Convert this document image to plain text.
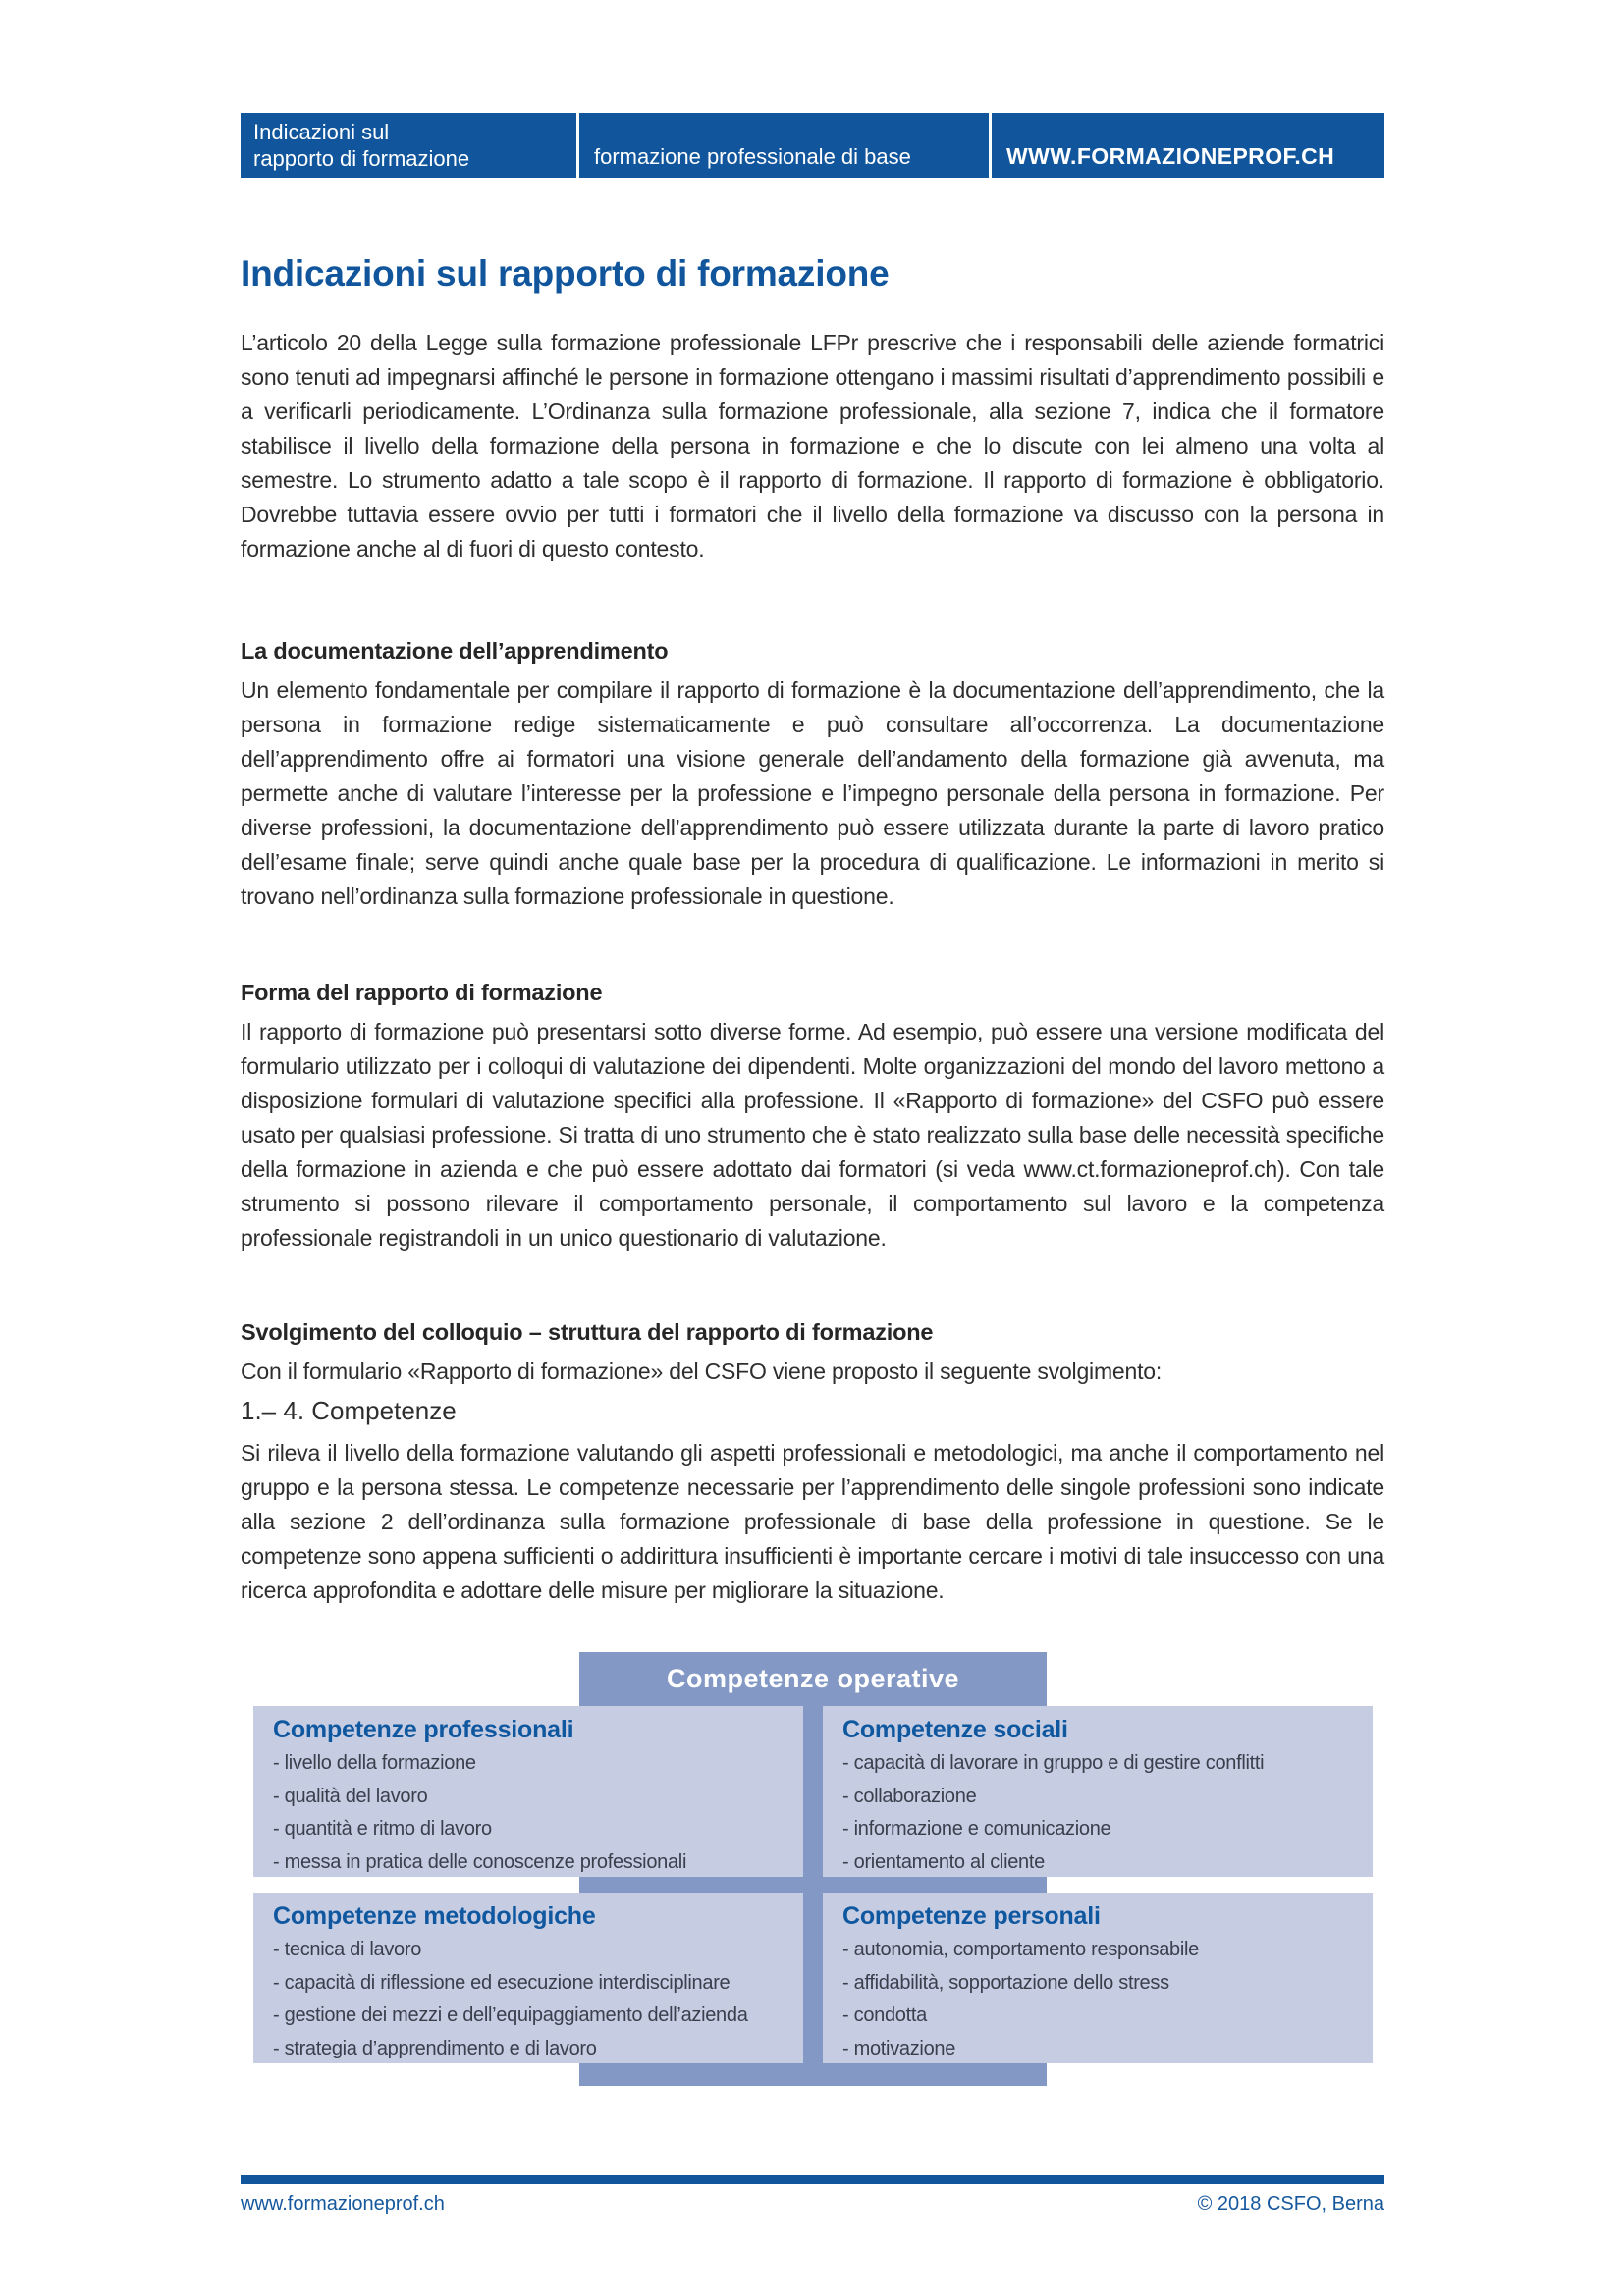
Indicazioni sul
rapporto di formazione	formazione professionale di base	WWW.FORMAZIONEPROF.CH
Indicazioni sul rapporto di formazione

L’articolo 20 della Legge sulla formazione professionale LFPr prescrive che i responsabili delle aziende formatrici sono tenuti ad impegnarsi affinché le persone in formazione ottengano i massimi risultati d’apprendimento possibili e a verificarli periodicamente. L’Ordinanza sulla formazione professionale, alla sezione 7, indica che il formatore stabilisce il livello della formazione della persona in formazione e che lo discute con lei almeno una volta al semestre. Lo strumento adatto a tale scopo è il rapporto di formazione. Il rapporto di formazione è obbligatorio. Dovrebbe tuttavia essere ovvio per tutti i formatori che il livello della formazione va discusso con la persona in formazione anche al di fuori di questo contesto.

La documentazione dell’apprendimento

Un elemento fondamentale per compilare il rapporto di formazione è la documentazione dell’apprendimento, che la persona in formazione redige sistematicamente e può consultare all’occorrenza. La documentazione dell’apprendimento offre ai formatori una visione generale dell’andamento della formazione già avvenuta, ma permette anche di valutare l’interesse per la professione e l’impegno personale della persona in formazione. Per diverse professioni, la documentazione dell’apprendimento può essere utilizzata durante la parte di lavoro pratico dell’esame finale; serve quindi anche quale base per la procedura di qualificazione. Le informazioni in merito si trovano nell’ordinanza sulla formazione professionale in questione.

Forma del rapporto di formazione

Il rapporto di formazione può presentarsi sotto diverse forme. Ad esempio, può essere una versione modificata del formulario utilizzato per i colloqui di valutazione dei dipendenti. Molte organizzazioni del mondo del lavoro mettono a disposizione formulari di valutazione specifici alla professione. Il «Rapporto di formazione» del CSFO può essere usato per qualsiasi professione. Si tratta di uno strumento che è stato realizzato sulla base delle necessità specifiche della formazione in azienda e che può essere adottato dai formatori (si veda www.ct.formazioneprof.ch). Con tale strumento si possono rilevare il comportamento personale, il comportamento sul lavoro e la competenza professionale registrandoli in un unico questionario di valutazione.

Svolgimento del colloquio – struttura del rapporto di formazione

Con il formulario «Rapporto di formazione» del CSFO viene proposto il seguente svolgimento:

1.– 4. Competenze

Si rileva il livello della formazione valutando gli aspetti professionali e metodologici, ma anche il comportamento nel gruppo e la persona stessa. Le competenze necessarie per l’apprendimento delle singole professioni sono indicate alla sezione 2 dell’ordinanza sulla formazione professionale di base della professione in questione. Se le competenze sono appena sufficienti o addirittura insufficienti è importante cercare i motivi di tale insuccesso con una ricerca approfondita e adottare delle misure per migliorare la situazione.

Competenze operative
Competenze professionali
- livello della formazione
- qualità del lavoro
- quantità e ritmo di lavoro
- messa in pratica delle conoscenze professionali
Competenze sociali
- capacità di lavorare in gruppo e di gestire conflitti
- collaborazione
- informazione e comunicazione
- orientamento al cliente
Competenze metodologiche
- tecnica di lavoro
- capacità di riflessione ed esecuzione interdisciplinare
- gestione dei mezzi e dell’equipaggiamento dell’azienda
- strategia d’apprendimento e di lavoro
Competenze personali
- autonomia, comportamento responsabile
- affidabilità, sopportazione dello stress
- condotta
- motivazione
www.formazioneprof.ch	© 2018 CSFO, Berna
